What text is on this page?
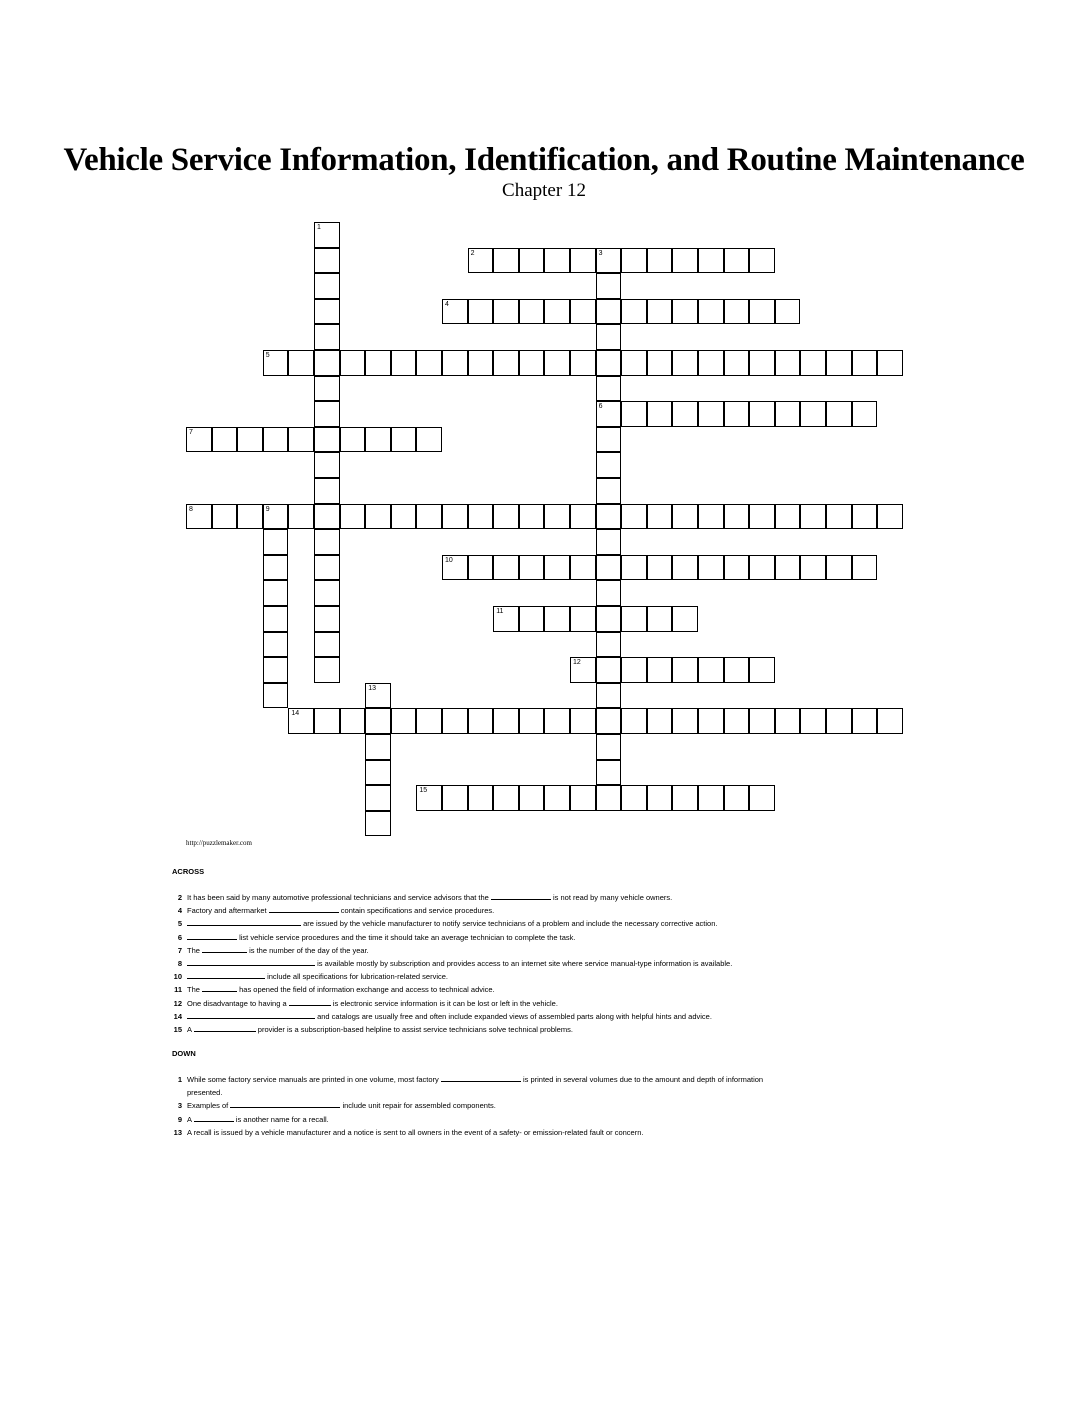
Vehicle Service Information, Identification, and Routine Maintenance
Chapter 12
1
2	3
6
4
5
7
8	9
10
11
12
13
14
15
http://puzzlemaker.com
ACROSS
2 It has been said by many automotive professional technicians and service advisors that the	is not read by many vehicle owners.
4 Factory and aftermarket	contain specifications and service procedures.
5	are issued by the vehicle manufacturer to notify service technicians of a problem and include the necessary corrective action.
6	list vehicle service procedures and the time it should take an average technician to complete the task.
7 The	is the number of the day of the year.
8	is available mostly by subscription and provides access to an internet site where service manual-type information is available.
10	include all specifications for lubrication-related service.
11 The	has opened the field of information exchange and access to technical advice.
12 One disadvantage to having a	is electronic service information is it can be lost or left in the vehicle.
14	and catalogs are usually free and often include expanded views of assembled parts along with helpful hints and advice.
15 A	provider is a subscription-based helpline to assist service technicians solve technical problems.
DOWN
1 While some factory service manuals are printed in one volume, most factory	is printed in several volumes due to the amount and depth of information presented.
3 Examples of	include unit repair for assembled components.
9 A	is another name for a recall.
13 A recall is issued by a vehicle manufacturer and a notice is sent to all owners in the event of a safety- or emission-related fault or concern.
